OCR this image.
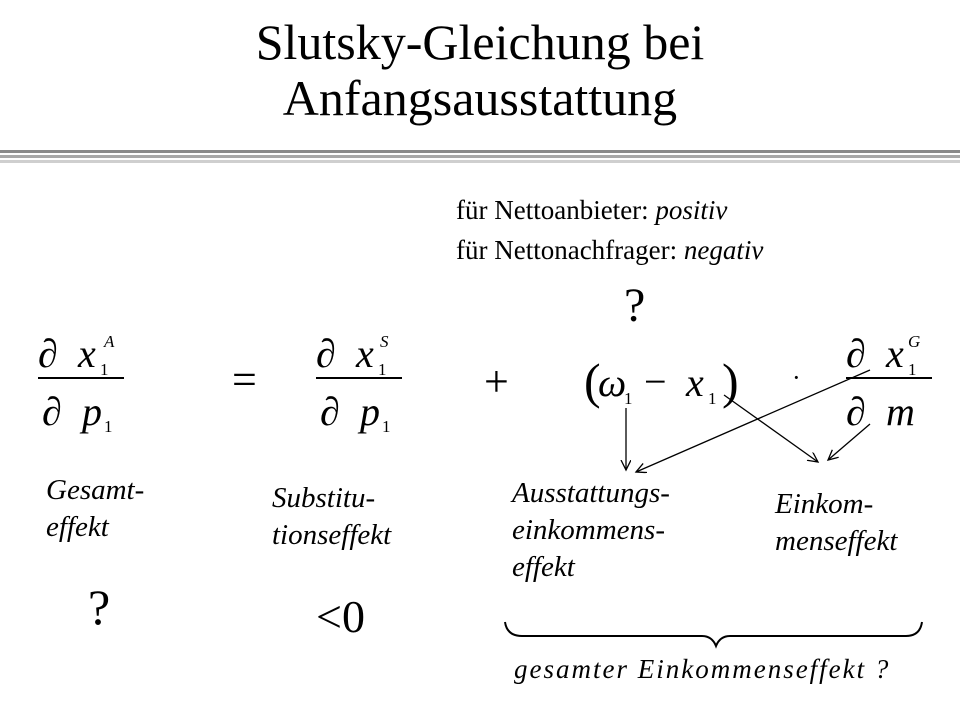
Slutsky-Gleichung bei
Anfangsausstattung
für Nettoanbieter: positiv
für Nettonachfrager: negativ
?
∂ x 1
A
∂ p 1
=
∂ x 1
S
∂ p 1
+ (
ω
1 − x 1 ) ·
∂ x 1
G
∂ m
gesamter Einkommenseffekt ?
Gesamt-
effekt
?
Substitu-
tionseffekt
<0
Ausstattungs-
einkommens-
effekt
Einkom-
menseffekt
